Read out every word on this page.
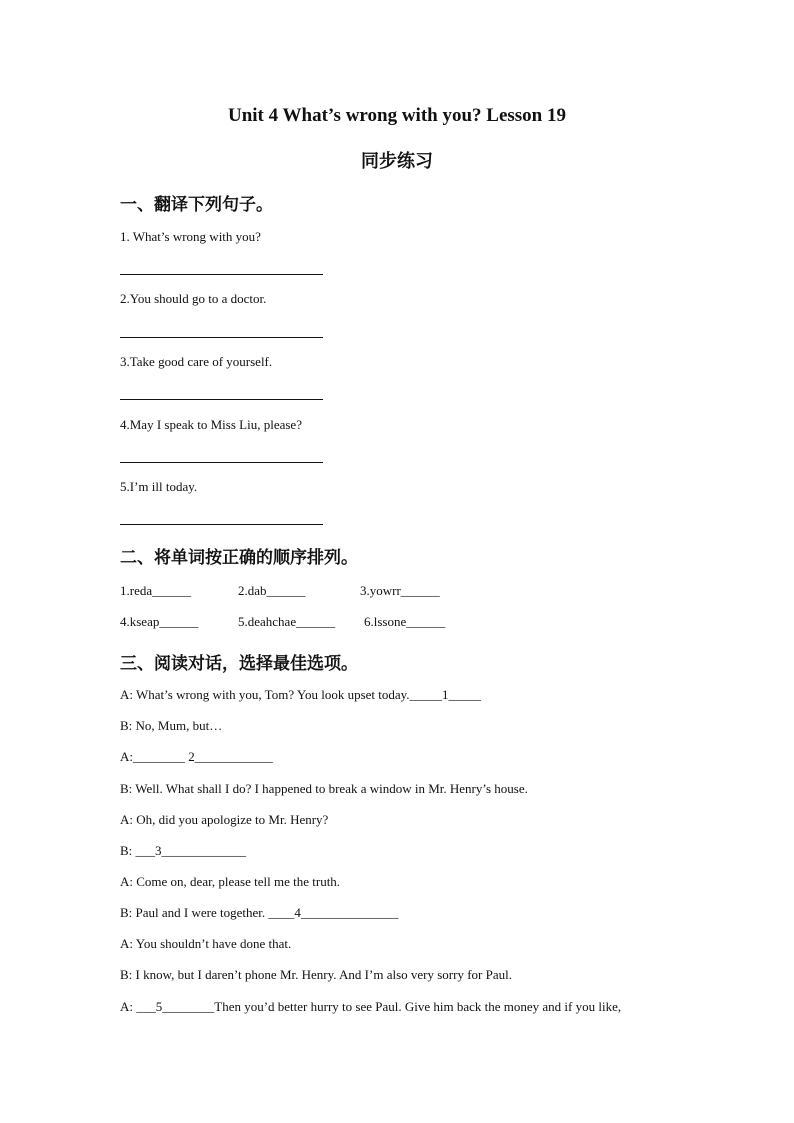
Unit 4 What’s wrong with you? Lesson 19
同步练习
一、翻译下列句子。
1. What’s wrong with you?
2.You should go to a doctor.
3.Take good care of yourself.
4.May I speak to Miss Liu, please?
5.I’m ill today.
二、将单词按正确的顺序排列。
1.reda______	2.dab______	3.yowrr______
4.kseap______	5.deahchae______ 6.lssone______
三、阅读对话，选择最佳选项。
A: What’s wrong with you, Tom? You look upset today._____1_____
B: No, Mum, but…
A:________ 2____________
B: Well. What shall I do? I happened to break a window in Mr. Henry’s house.
A: Oh, did you apologize to Mr. Henry?
B: ___3_____________
A: Come on, dear, please tell me the truth.
B: Paul and I were together. ____4_______________
A: You shouldn’t have done that.
B: I know, but I daren’t phone Mr. Henry. And I’m also very sorry for Paul.
A: ___5________Then you’d better hurry to see Paul. Give him back the money and if you like,
